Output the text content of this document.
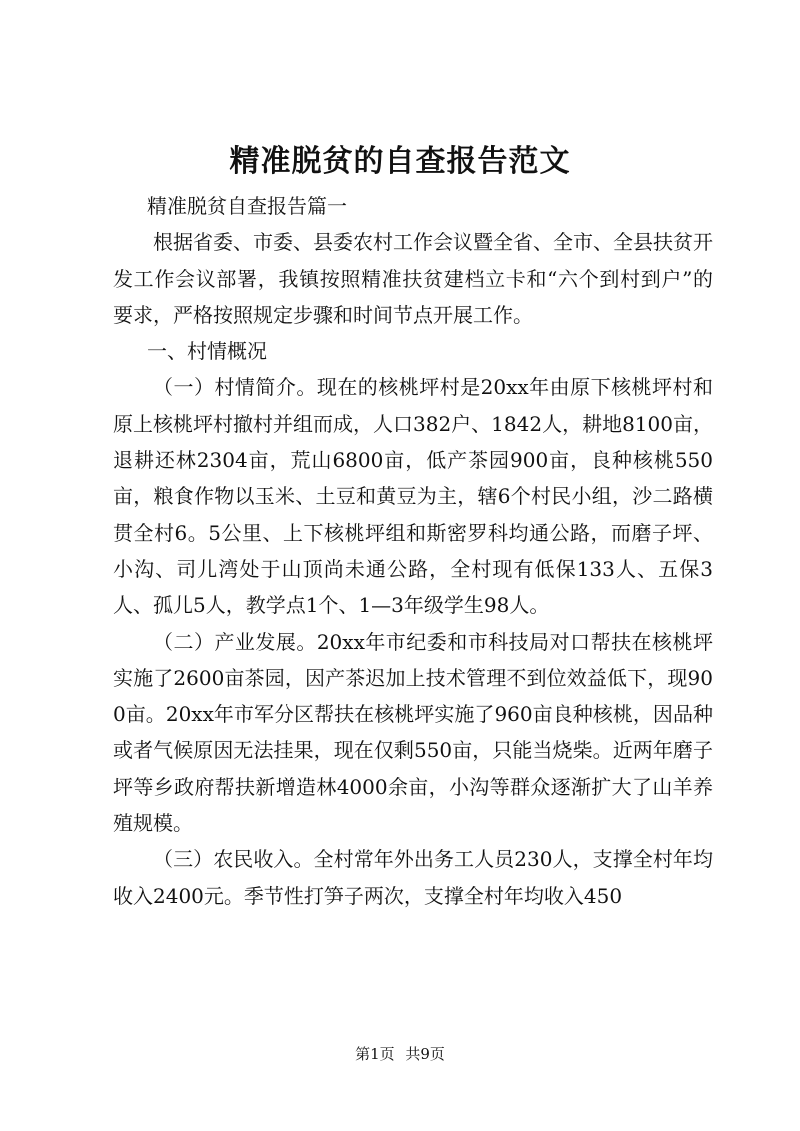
精准脱贫的自查报告范文

精准脱贫自查报告篇一

根据省委、市委、县委农村工作会议暨全省、全市、全县扶贫开发工作会议部署，我镇按照精准扶贫建档立卡和“六个到村到户”的要求，严格按照规定步骤和时间节点开展工作。

一、村情概况

（一）村情简介。现在的核桃坪村是20xx年由原下核桃坪村和原上核桃坪村撤村并组而成，人口382户、1842人，耕地8100亩，退耕还林2304亩，荒山6800亩，低产茶园900亩，良种核桃550亩，粮食作物以玉米、土豆和黄豆为主，辖6个村民小组，沙二路横贯全村6。5公里、上下核桃坪组和斯密罗科均通公路，而磨子坪、小沟、司儿湾处于山顶尚未通公路，全村现有低保133人、五保3人、孤儿5人，教学点1个、1—3年级学生98人。

（二）产业发展。20xx年市纪委和市科技局对口帮扶在核桃坪实施了2600亩茶园，因产茶迟加上技术管理不到位效益低下，现900亩。20xx年市军分区帮扶在核桃坪实施了960亩良种核桃，因品种或者气候原因无法挂果，现在仅剩550亩，只能当烧柴。近两年磨子坪等乡政府帮扶新增造林4000余亩，小沟等群众逐渐扩大了山羊养殖规模。

（三）农民收入。全村常年外出务工人员230人，支撑全村年均收入2400元。季节性打笋子两次，支撑全村年均收入450

第1页 共9页
